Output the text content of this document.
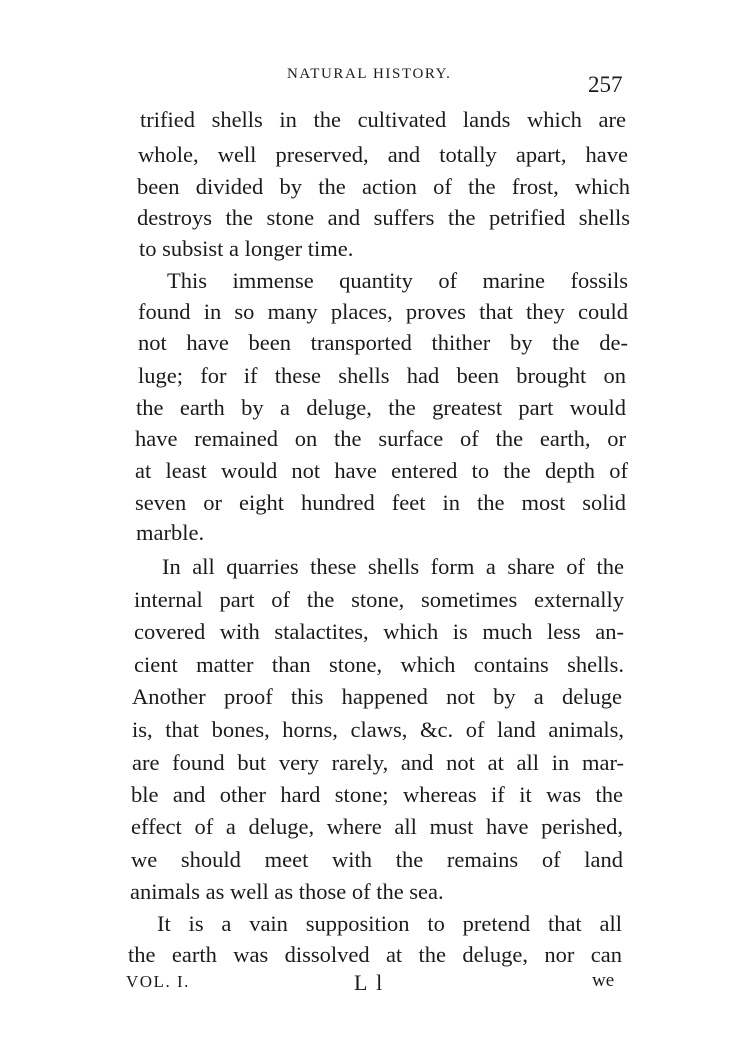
NATURAL HISTORY.	257
trified shells in the cultivated lands which are
whole, well preserved, and totally apart, have
been divided by the action of the frost, which
destroys the stone and suffers the petrified shells
to subsist a longer time.
This immense quantity of marine fossils
found in so many places, proves that they could
not have been transported thither by the de-
luge; for if these shells had been brought on
the earth by a deluge, the greatest part would
have remained on the surface of the earth, or
at least would not have entered to the depth of
seven or eight hundred feet in the most solid
marble.
In all quarries these shells form a share of the
internal part of the stone, sometimes externally
covered with stalactites, which is much less an-
cient matter than stone, which contains shells.
Another proof this happened not by a deluge
is, that bones, horns, claws, &c. of land animals,
are found but very rarely, and not at all in mar-
ble and other hard stone; whereas if it was the
effect of a deluge, where all must have perished,
we should meet with the remains of land
animals as well as those of the sea.
It is a vain supposition to pretend that all
the earth was dissolved at the deluge, nor can
VOL. I.	L l	we
